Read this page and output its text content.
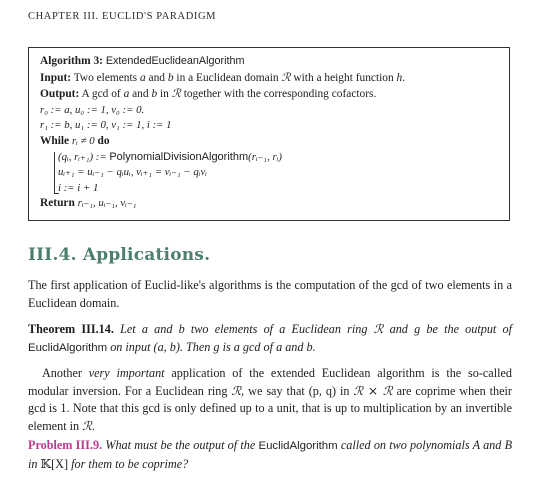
CHAPTER III. EUCLID'S PARADIGM
Algorithm 3: ExtendedEuclideanAlgorithm
Input: Two elements a and b in a Euclidean domain ℛ with a height function h.
Output: A gcd of a and b in ℛ together with the corresponding cofactors.
r₀ := a, u₀ := 1, v₀ := 0.
r₁ := b, u₁ := 0, v₁ := 1, i := 1
While rᵢ ≠ 0 do
(qᵢ, rᵢ₊₁) := PolynomialDivisionAlgorithm(rᵢ₋₁, rᵢ)
uᵢ₊₁ = uᵢ₋₁ − qᵢuᵢ, vᵢ₊₁ = vᵢ₋₁ − qᵢvᵢ
i := i + 1
Return rᵢ₋₁, uᵢ₋₁, vᵢ₋₁
III.4. Applications.
The first application of Euclid-like's algorithms is the computation of the gcd of two elements in a Euclidean domain.
Theorem III.14. Let a and b two elements of a Euclidean ring ℛ and g be the output of EuclidAlgorithm on input (a, b). Then g is a gcd of a and b.
Another very important application of the extended Euclidean algorithm is the so-called modular inversion. For a Euclidean ring ℛ, we say that (p, q) in ℛ × ℛ are coprime when their gcd is 1. Note that this gcd is only defined up to a unit, that is up to multiplication by an invertible element in ℛ.
Problem III.9. What must be the output of the EuclidAlgorithm called on two polynomials A and B in 𝕂[X] for them to be coprime?
